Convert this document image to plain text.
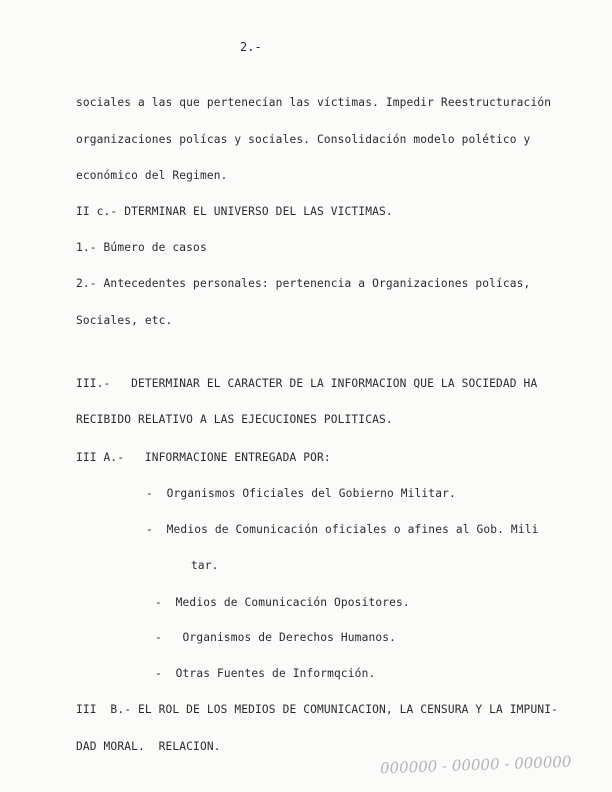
2.-
sociales a las que pertenecían las víctimas. Impedir Reestructuración
organizaciones polícas y sociales. Consolidación modelo polético y
económico del Regimen.
II c.- DTERMINAR EL UNIVERSO DEL LAS VICTIMAS.
1.- Búmero de casos
2.- Antecedentes personales: pertenencia a Organizaciones polícas,
Sociales, etc.
III.-   DETERMINAR EL CARACTER DE LA INFORMACION QUE LA SOCIEDAD HA
RECIBIDO RELATIVO A LAS EJECUCIONES POLITICAS.
III A.-   INFORMACIONE ENTREGADA POR:
-  Organismos Oficiales del Gobierno Militar.
-  Medios de Comunicación oficiales o afines al Gob. Mili
tar.
-  Medios de Comunicación Opositores.
-   Organismos de Derechos Humanos.
-  Otras Fuentes de Informqción.
III  B.- EL ROL DE LOS MEDIOS DE COMUNICACION, LA CENSURA Y LA IMPUNI-
DAD MORAL.  RELACION.
000000 - 00000 - 000000
